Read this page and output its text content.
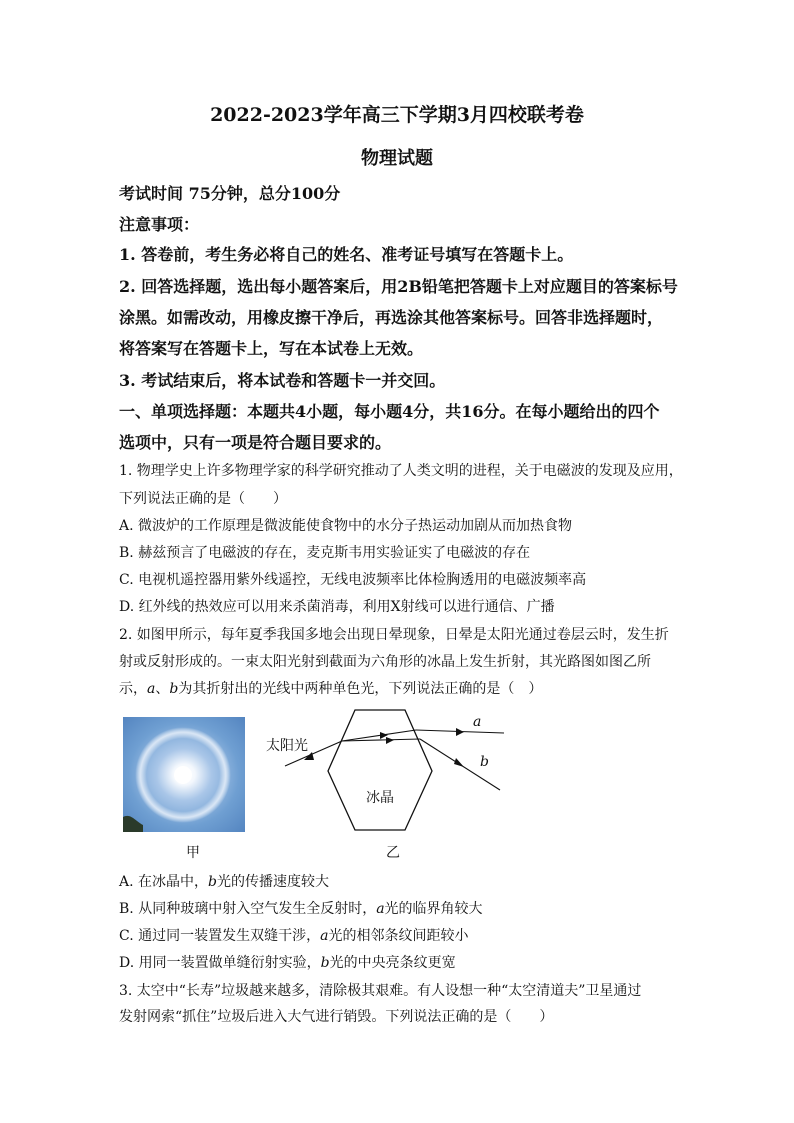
2022-2023学年高三下学期3月四校联考卷
物理试题
考试时间 75分钟，总分100分
注意事项：
1. 答卷前，考生务必将自己的姓名、准考证号填写在答题卡上。
2. 回答选择题，选出每小题答案后，用2B铅笔把答题卡上对应题目的答案标号
涂黑。如需改动，用橡皮擦干净后，再选涂其他答案标号。回答非选择题时，
将答案写在答题卡上，写在本试卷上无效。
3. 考试结束后，将本试卷和答题卡一并交回。
一、单项选择题：本题共4小题，每小题4分，共16分。在每小题给出的四个
选项中，只有一项是符合题目要求的。
1. 物理学史上许多物理学家的科学研究推动了人类文明的进程，关于电磁波的发现及应用，
下列说法正确的是（　　）
A. 微波炉的工作原理是微波能使食物中的水分子热运动加剧从而加热食物
B. 赫兹预言了电磁波的存在，麦克斯韦用实验证实了电磁波的存在
C. 电视机遥控器用紫外线遥控，无线电波频率比体检胸透用的电磁波频率高
D. 红外线的热效应可以用来杀菌消毒，利用X射线可以进行通信、广播
2. 如图甲所示，每年夏季我国多地会出现日晕现象，日晕是太阳光通过卷层云时，发生折
射或反射形成的。一束太阳光射到截面为六角形的冰晶上发生折射，其光路图如图乙所
示，a、b为其折射出的光线中两种单色光，下列说法正确的是（　）
太阳光
冰晶
a
b
甲	乙
A. 在冰晶中，b光的传播速度较大
B. 从同种玻璃中射入空气发生全反射时，a光的临界角较大
C. 通过同一装置发生双缝干涉，a光的相邻条纹间距较小
D. 用同一装置做单缝衍射实验，b光的中央亮条纹更宽
3. 太空中“长寿”垃圾越来越多，清除极其艰难。有人设想一种“太空清道夫”卫星通过
发射网索“抓住”垃圾后进入大气进行销毁。下列说法正确的是（　　）
